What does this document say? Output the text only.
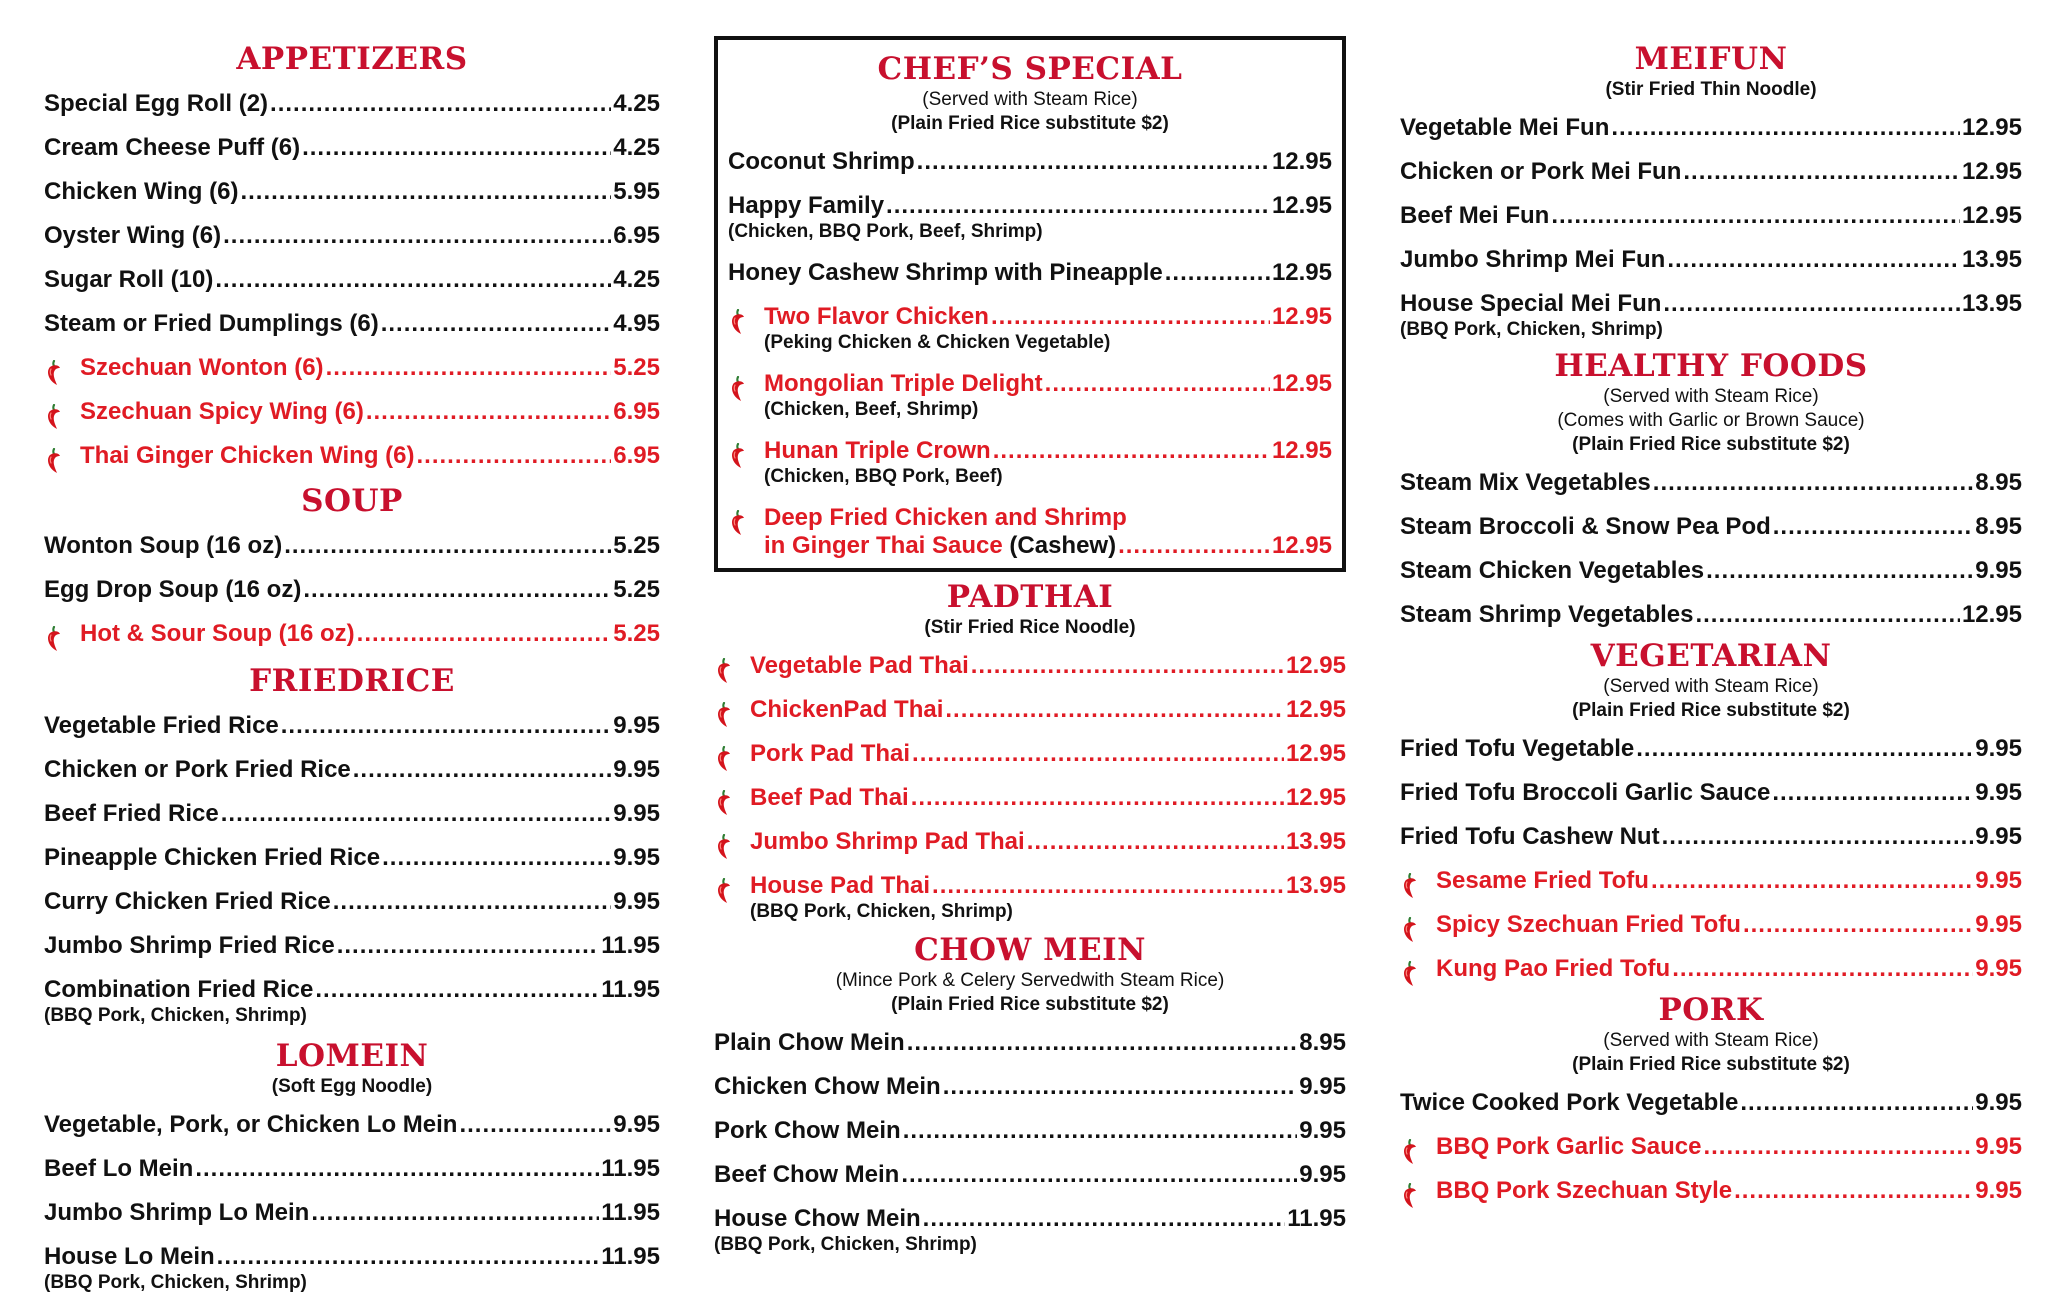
APPETIZERS
Special Egg Roll (2) .....	4.25
Cream Cheese Puff (6) .....	4.25
Chicken Wing (6) .....	5.95
Oyster Wing (6) .....	6.95
Sugar Roll (10) .....	4.25
Steam or Fried Dumplings (6) .....	4.95
Szechuan Wonton (6) .....	5.25
Szechuan Spicy Wing (6) .....	6.95
Thai Ginger Chicken Wing (6) .....	6.95
SOUP
Wonton Soup (16 oz) .....	5.25
Egg Drop Soup (16 oz) .....	5.25
Hot & Sour Soup (16 oz) .....	5.25
FRIEDRICE
Vegetable Fried Rice .....	9.95
Chicken or Pork Fried Rice .....	9.95
Beef Fried Rice .....	9.95
Pineapple Chicken Fried Rice .....	9.95
Curry Chicken Fried Rice .....	9.95
Jumbo Shrimp Fried Rice .....	11.95
Combination Fried Rice .....	11.95
(BBQ Pork, Chicken, Shrimp)
LOMEIN
(Soft Egg Noodle)
Vegetable, Pork, or Chicken Lo Mein .....	9.95
Beef Lo Mein .....	11.95
Jumbo Shrimp Lo Mein .....	11.95
House Lo Mein .....	11.95
(BBQ Pork, Chicken, Shrimp)
CHEF’S SPECIAL
(Served with Steam Rice)
(Plain Fried Rice substitute $2)
Coconut Shrimp .....	12.95
Happy Family .....	12.95
(Chicken, BBQ Pork, Beef, Shrimp)
Honey Cashew Shrimp with Pineapple .....	12.95
Two Flavor Chicken .....	12.95
(Peking Chicken & Chicken Vegetable)
Mongolian Triple Delight .....	12.95
(Chicken, Beef, Shrimp)
Hunan Triple Crown .....	12.95
(Chicken, BBQ Pork, Beef)
Deep Fried Chicken and Shrimp
in Ginger Thai Sauce (Cashew) .....	12.95
PADTHAI
(Stir Fried Rice Noodle)
Vegetable Pad Thai .....	12.95
ChickenPad Thai .....	12.95
Pork Pad Thai .....	12.95
Beef Pad Thai .....	12.95
Jumbo Shrimp Pad Thai .....	13.95
House Pad Thai .....	13.95
(BBQ Pork, Chicken, Shrimp)
CHOW MEIN
(Mince Pork & Celery Servedwith Steam Rice)
(Plain Fried Rice substitute $2)
Plain Chow Mein .....	8.95
Chicken Chow Mein .....	9.95
Pork Chow Mein .....	9.95
Beef Chow Mein .....	9.95
House Chow Mein .....	11.95
(BBQ Pork, Chicken, Shrimp)
MEIFUN
(Stir Fried Thin Noodle)
Vegetable Mei Fun .....	12.95
Chicken or Pork Mei Fun .....	12.95
Beef Mei Fun .....	12.95
Jumbo Shrimp Mei Fun .....	13.95
House Special Mei Fun .....	13.95
(BBQ Pork, Chicken, Shrimp)
HEALTHY FOODS
(Served with Steam Rice)
(Comes with Garlic or Brown Sauce)
(Plain Fried Rice substitute $2)
Steam Mix Vegetables .....	8.95
Steam Broccoli & Snow Pea Pod .....	8.95
Steam Chicken Vegetables .....	9.95
Steam Shrimp Vegetables .....	12.95
VEGETARIAN
(Served with Steam Rice)
(Plain Fried Rice substitute $2)
Fried Tofu Vegetable .....	9.95
Fried Tofu Broccoli Garlic Sauce .....	9.95
Fried Tofu Cashew Nut .....	9.95
Sesame Fried Tofu .....	9.95
Spicy Szechuan Fried Tofu .....	9.95
Kung Pao Fried Tofu .....	9.95
PORK
(Served with Steam Rice)
(Plain Fried Rice substitute $2)
Twice Cooked Pork Vegetable .....	9.95
BBQ Pork Garlic Sauce .....	9.95
BBQ Pork Szechuan Style .....	9.95
